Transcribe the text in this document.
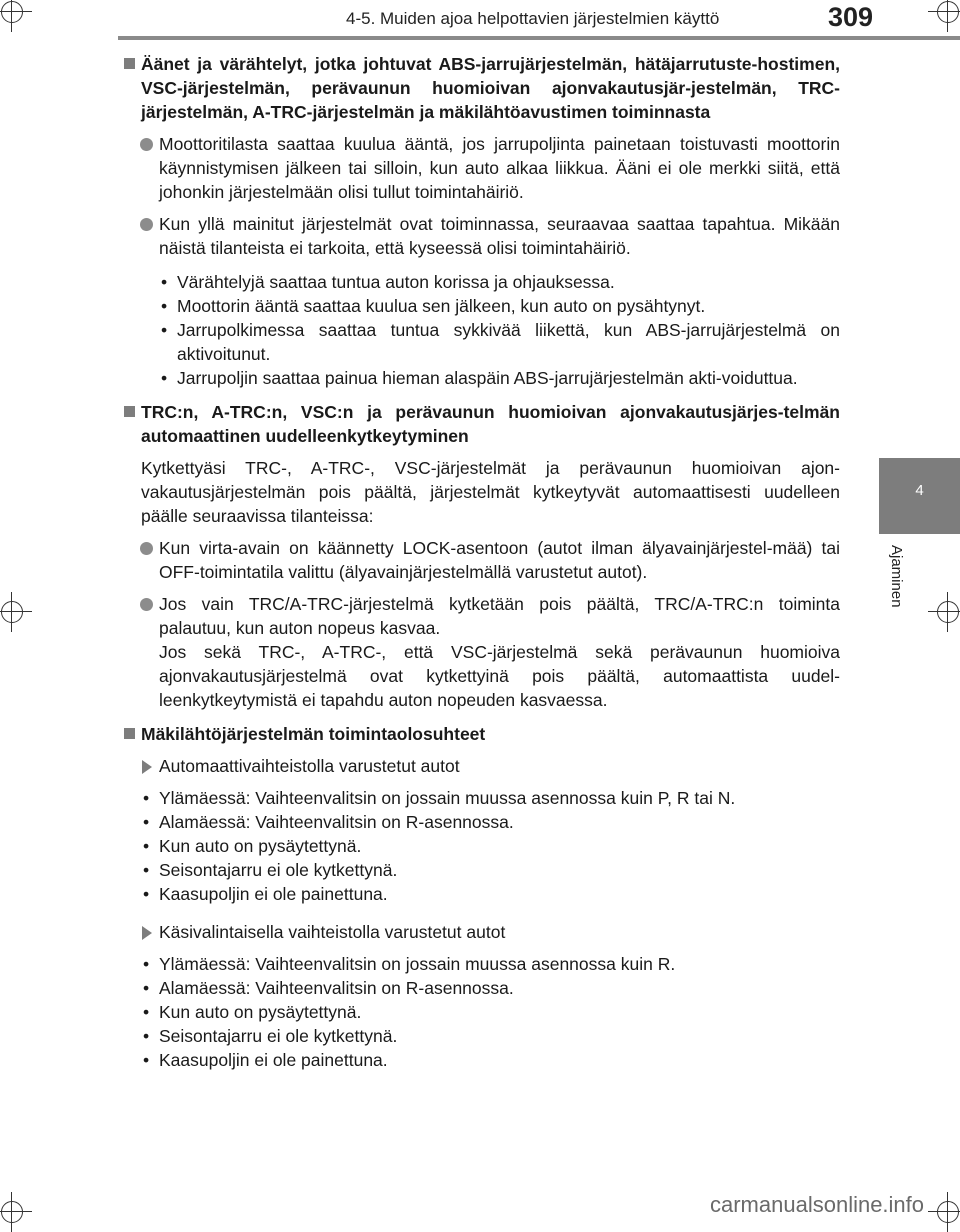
4-5. Muiden ajoa helpottavien järjestelmien käyttö	309
4
Ajaminen
Äänet ja värähtelyt, jotka johtuvat ABS-jarrujärjestelmän, hätäjarrutuste-hostimen, VSC-järjestelmän, perävaunun huomioivan ajonvakautusjär-jestelmän, TRC-järjestelmän, A-TRC-järjestelmän ja mäkilähtöavustimen toiminnasta
Moottoritilasta saattaa kuulua ääntä, jos jarrupoljinta painetaan toistuvasti moottorin käynnistymisen jälkeen tai silloin, kun auto alkaa liikkua. Ääni ei ole merkki siitä, että johonkin järjestelmään olisi tullut toimintahäiriö.
Kun yllä mainitut järjestelmät ovat toiminnassa, seuraavaa saattaa tapahtua. Mikään näistä tilanteista ei tarkoita, että kyseessä olisi toimintahäiriö.
• Värähtelyjä saattaa tuntua auton korissa ja ohjauksessa.
• Moottorin ääntä saattaa kuulua sen jälkeen, kun auto on pysähtynyt.
• Jarrupolkimessa saattaa tuntua sykkivää liikettä, kun ABS-jarrujärjestelmä on aktivoitunut.
• Jarrupoljin saattaa painua hieman alaspäin ABS-jarrujärjestelmän akti-voiduttua.
TRC:n, A-TRC:n, VSC:n ja perävaunun huomioivan ajonvakautusjärjes-telmän automaattinen uudelleenkytkeytyminen
Kytkettyäsi TRC-, A-TRC-, VSC-järjestelmät ja perävaunun huomioivan ajon-vakautusjärjestelmän pois päältä, järjestelmät kytkeytyvät automaattisesti uudelleen päälle seuraavissa tilanteissa:
Kun virta-avain on käännetty LOCK-asentoon (autot ilman älyavainjärjestel-mää) tai OFF-toimintatila valittu (älyavainjärjestelmällä varustetut autot).
Jos vain TRC/A-TRC-järjestelmä kytketään pois päältä, TRC/A-TRC:n toiminta palautuu, kun auton nopeus kasvaa.
Jos sekä TRC-, A-TRC-, että VSC-järjestelmä sekä perävaunun huomioiva ajonvakautusjärjestelmä ovat kytkettyinä pois päältä, automaattista uudel-leenkytkeytymistä ei tapahdu auton nopeuden kasvaessa.
Mäkilähtöjärjestelmän toimintaolosuhteet
Automaattivaihteistolla varustetut autot
• Ylämäessä: Vaihteenvalitsin on jossain muussa asennossa kuin P, R tai N.
• Alamäessä: Vaihteenvalitsin on R-asennossa.
• Kun auto on pysäytettynä.
• Seisontajarru ei ole kytkettynä.
• Kaasupoljin ei ole painettuna.
Käsivalintaisella vaihteistolla varustetut autot
• Ylämäessä: Vaihteenvalitsin on jossain muussa asennossa kuin R.
• Alamäessä: Vaihteenvalitsin on R-asennossa.
• Kun auto on pysäytettynä.
• Seisontajarru ei ole kytkettynä.
• Kaasupoljin ei ole painettuna.
carmanualsonline.info
